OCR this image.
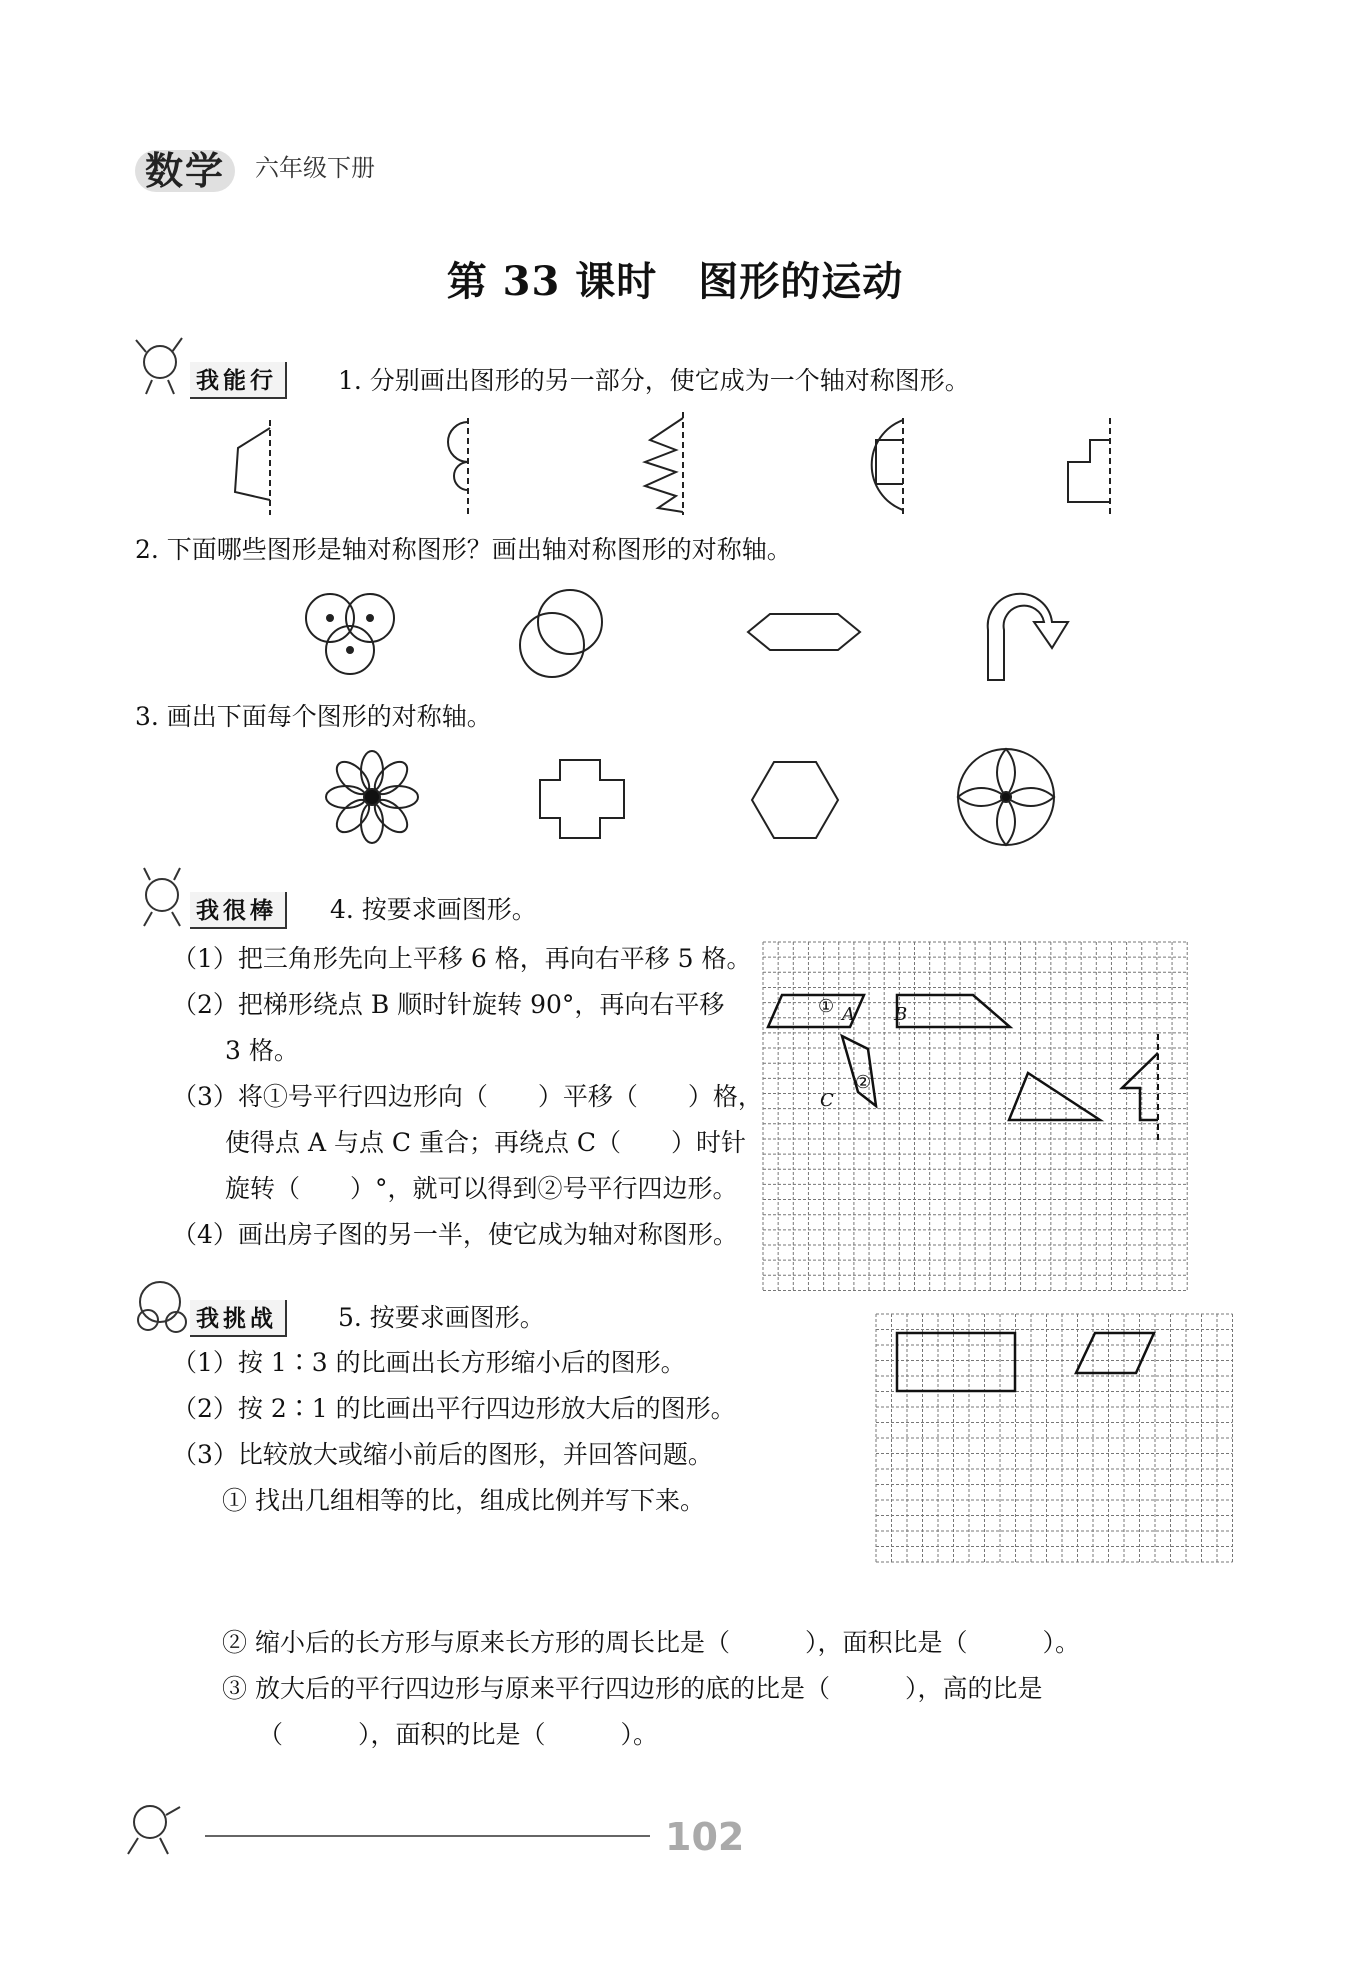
数学 六年级下册
第 33 课时　图形的运动
① A B
②
C
我能行	1. 分别画出图形的另一部分，使它成为一个轴对称图形。
2. 下面哪些图形是轴对称图形？画出轴对称图形的对称轴。
3. 画出下面每个图形的对称轴。
我很棒	4. 按要求画图形。
（1）把三角形先向上平移 6 格，再向右平移 5 格。
（2）把梯形绕点 B 顺时针旋转 90°，再向右平移
3 格。
（3）将①号平行四边形向（　　）平移（　　）格，
使得点 A 与点 C 重合；再绕点 C（　　）时针
旋转（　　）°，就可以得到②号平行四边形。
（4）画出房子图的另一半，使它成为轴对称图形。
我挑战	5. 按要求画图形。
（1）按 1∶3 的比画出长方形缩小后的图形。
（2）按 2∶1 的比画出平行四边形放大后的图形。
（3）比较放大或缩小前后的图形，并回答问题。
① 找出几组相等的比，组成比例并写下来。
② 缩小后的长方形与原来长方形的周长比是（　　　），面积比是（　　　）。
③ 放大后的平行四边形与原来平行四边形的底的比是（　　　），高的比是
（　　　），面积的比是（　　　）。
102
